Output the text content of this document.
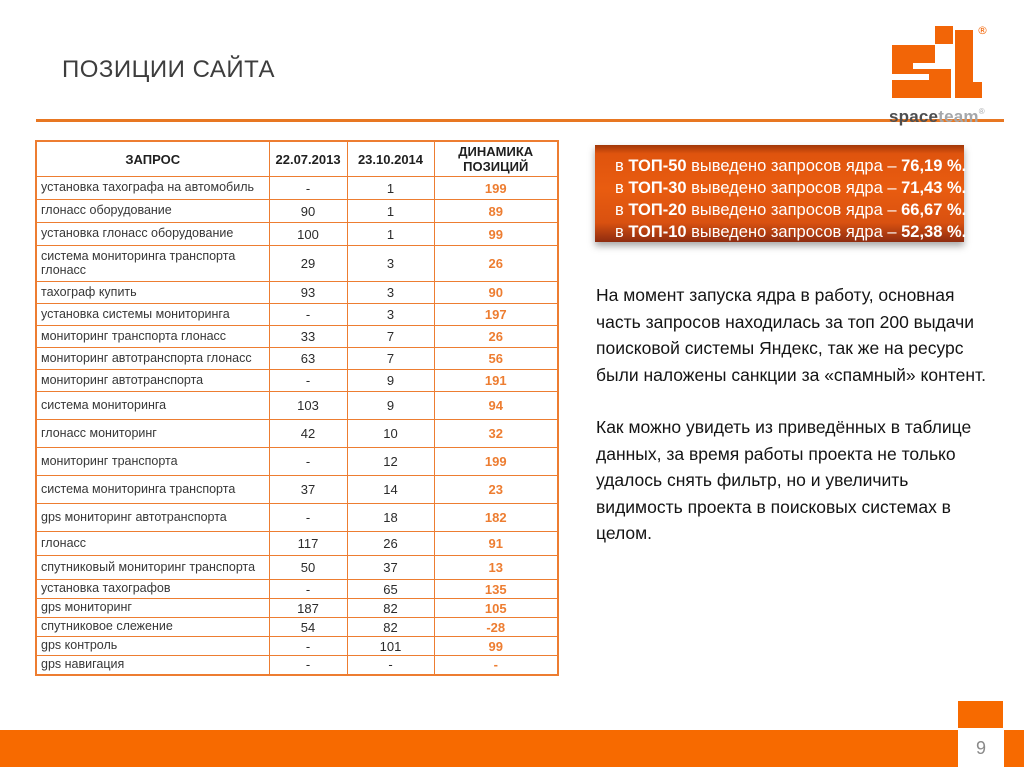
ПОЗИЦИИ САЙТА
®
spaceteam®
ЗАПРОС	22.07.2013	23.10.2014	ДИНАМИКА ПОЗИЦИЙ
установка тахографа на автомобиль	-	1	199
глонасс оборудование	90	1	89
установка глонасс оборудование	100	1	99
система мониторинга транспорта глонасс	29	3	26
тахограф купить	93	3	90
установка системы мониторинга	-	3	197
мониторинг транспорта глонасс	33	7	26
мониторинг автотранспорта глонасс	63	7	56
мониторинг автотранспорта	-	9	191
система мониторинга	103	9	94
глонасс мониторинг	42	10	32
мониторинг транспорта	-	12	199
система мониторинга транспорта	37	14	23
gps мониторинг автотранспорта	-	18	182
глонасс	117	26	91
спутниковый мониторинг транспорта	50	37	13
установка тахографов	-	65	135
gps мониторинг	187	82	105
спутниковое слежение	54	82	-28
gps контроль	-	101	99
gps навигация	-	-	-
в ТОП-50 выведено запросов ядра – 76,19 %.
в ТОП-30 выведено запросов ядра – 71,43 %.
в ТОП-20 выведено запросов ядра – 66,67 %.
в ТОП-10 выведено запросов ядра – 52,38 %.
На момент запуска ядра в работу, основная часть запросов находилась за топ 200 выдачи поисковой системы Яндекс, так же на ресурс были наложены санкции за «спамный» контент.
Как можно увидеть из приведённых в таблице данных, за время работы проекта не только удалось снять фильтр, но и увеличить видимость проекта в поисковых системах в целом.
9
